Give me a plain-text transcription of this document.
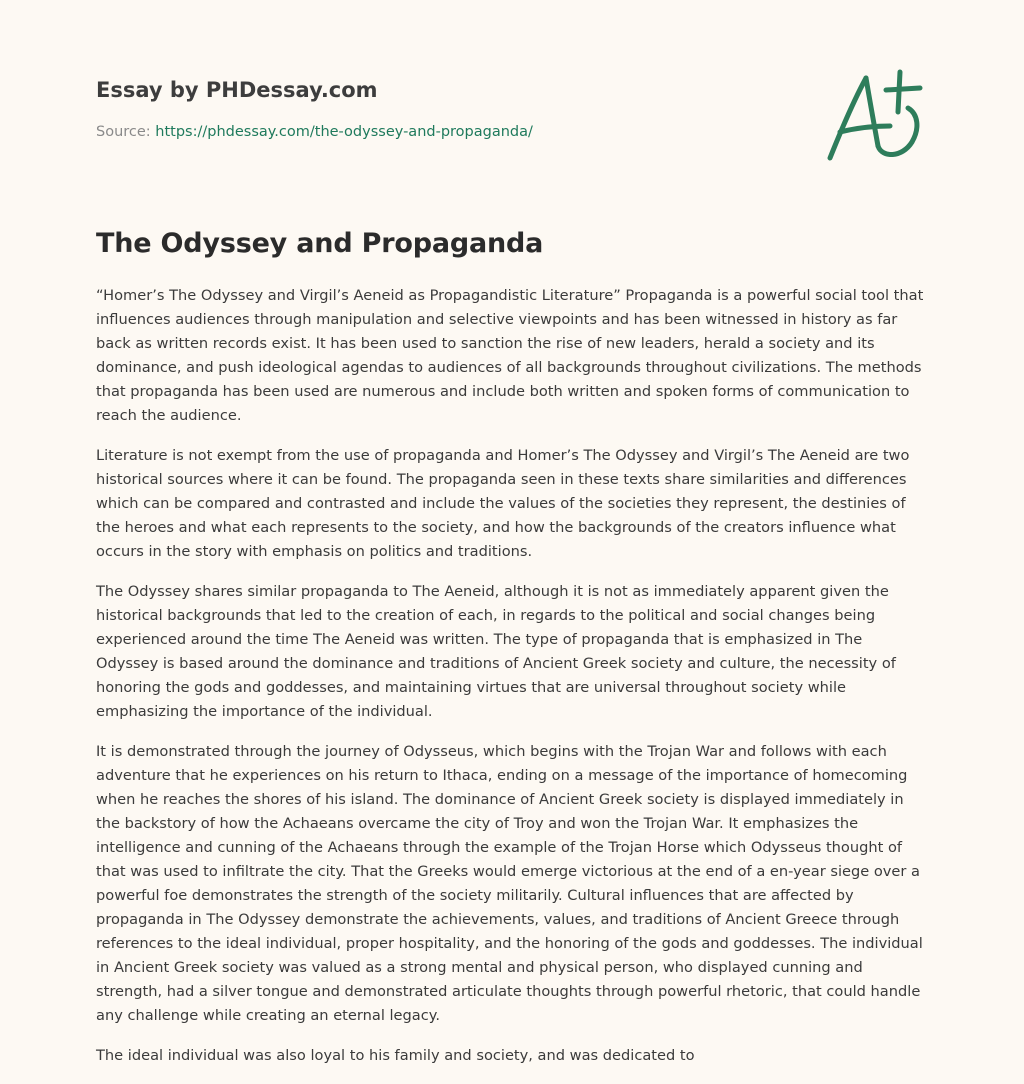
Essay by PHDessay.com
Source: https://phdessay.com/the-odyssey-and-propaganda/
The Odyssey and Propaganda

“Homer’s The Odyssey and Virgil’s Aeneid as Propagandistic Literature” Propaganda is a powerful social tool that influences audiences through manipulation and selective viewpoints and has been witnessed in history as far back as written records exist. It has been used to sanction the rise of new leaders, herald a society and its dominance, and push ideological agendas to audiences of all backgrounds throughout civilizations. The methods that propaganda has been used are numerous and include both written and spoken forms of communication to reach the audience.

Literature is not exempt from the use of propaganda and Homer’s The Odyssey and Virgil’s The Aeneid are two historical sources where it can be found. The propaganda seen in these texts share similarities and differences which can be compared and contrasted and include the values of the societies they represent, the destinies of the heroes and what each represents to the society, and how the backgrounds of the creators influence what occurs in the story with emphasis on politics and traditions.

The Odyssey shares similar propaganda to The Aeneid, although it is not as immediately apparent given the historical backgrounds that led to the creation of each, in regards to the political and social changes being experienced around the time The Aeneid was written. The type of propaganda that is emphasized in The Odyssey is based around the dominance and traditions of Ancient Greek society and culture, the necessity of honoring the gods and goddesses, and maintaining virtues that are universal throughout society while emphasizing the importance of the individual.

It is demonstrated through the journey of Odysseus, which begins with the Trojan War and follows with each adventure that he experiences on his return to Ithaca, ending on a message of the importance of homecoming when he reaches the shores of his island. The dominance of Ancient Greek society is displayed immediately in the backstory of how the Achaeans overcame the city of Troy and won the Trojan War. It emphasizes the intelligence and cunning of the Achaeans through the example of the Trojan Horse which Odysseus thought of that was used to infiltrate the city. That the Greeks would emerge victorious at the end of a en-year siege over a powerful foe demonstrates the strength of the society militarily. Cultural influences that are affected by propaganda in The Odyssey demonstrate the achievements, values, and traditions of Ancient Greece through references to the ideal individual, proper hospitality, and the honoring of the gods and goddesses. The individual in Ancient Greek society was valued as a strong mental and physical person, who displayed cunning and strength, had a silver tongue and demonstrated articulate thoughts through powerful rhetoric, that could handle any challenge while creating an eternal legacy.

The ideal individual was also loyal to his family and society, and was dedicated to
